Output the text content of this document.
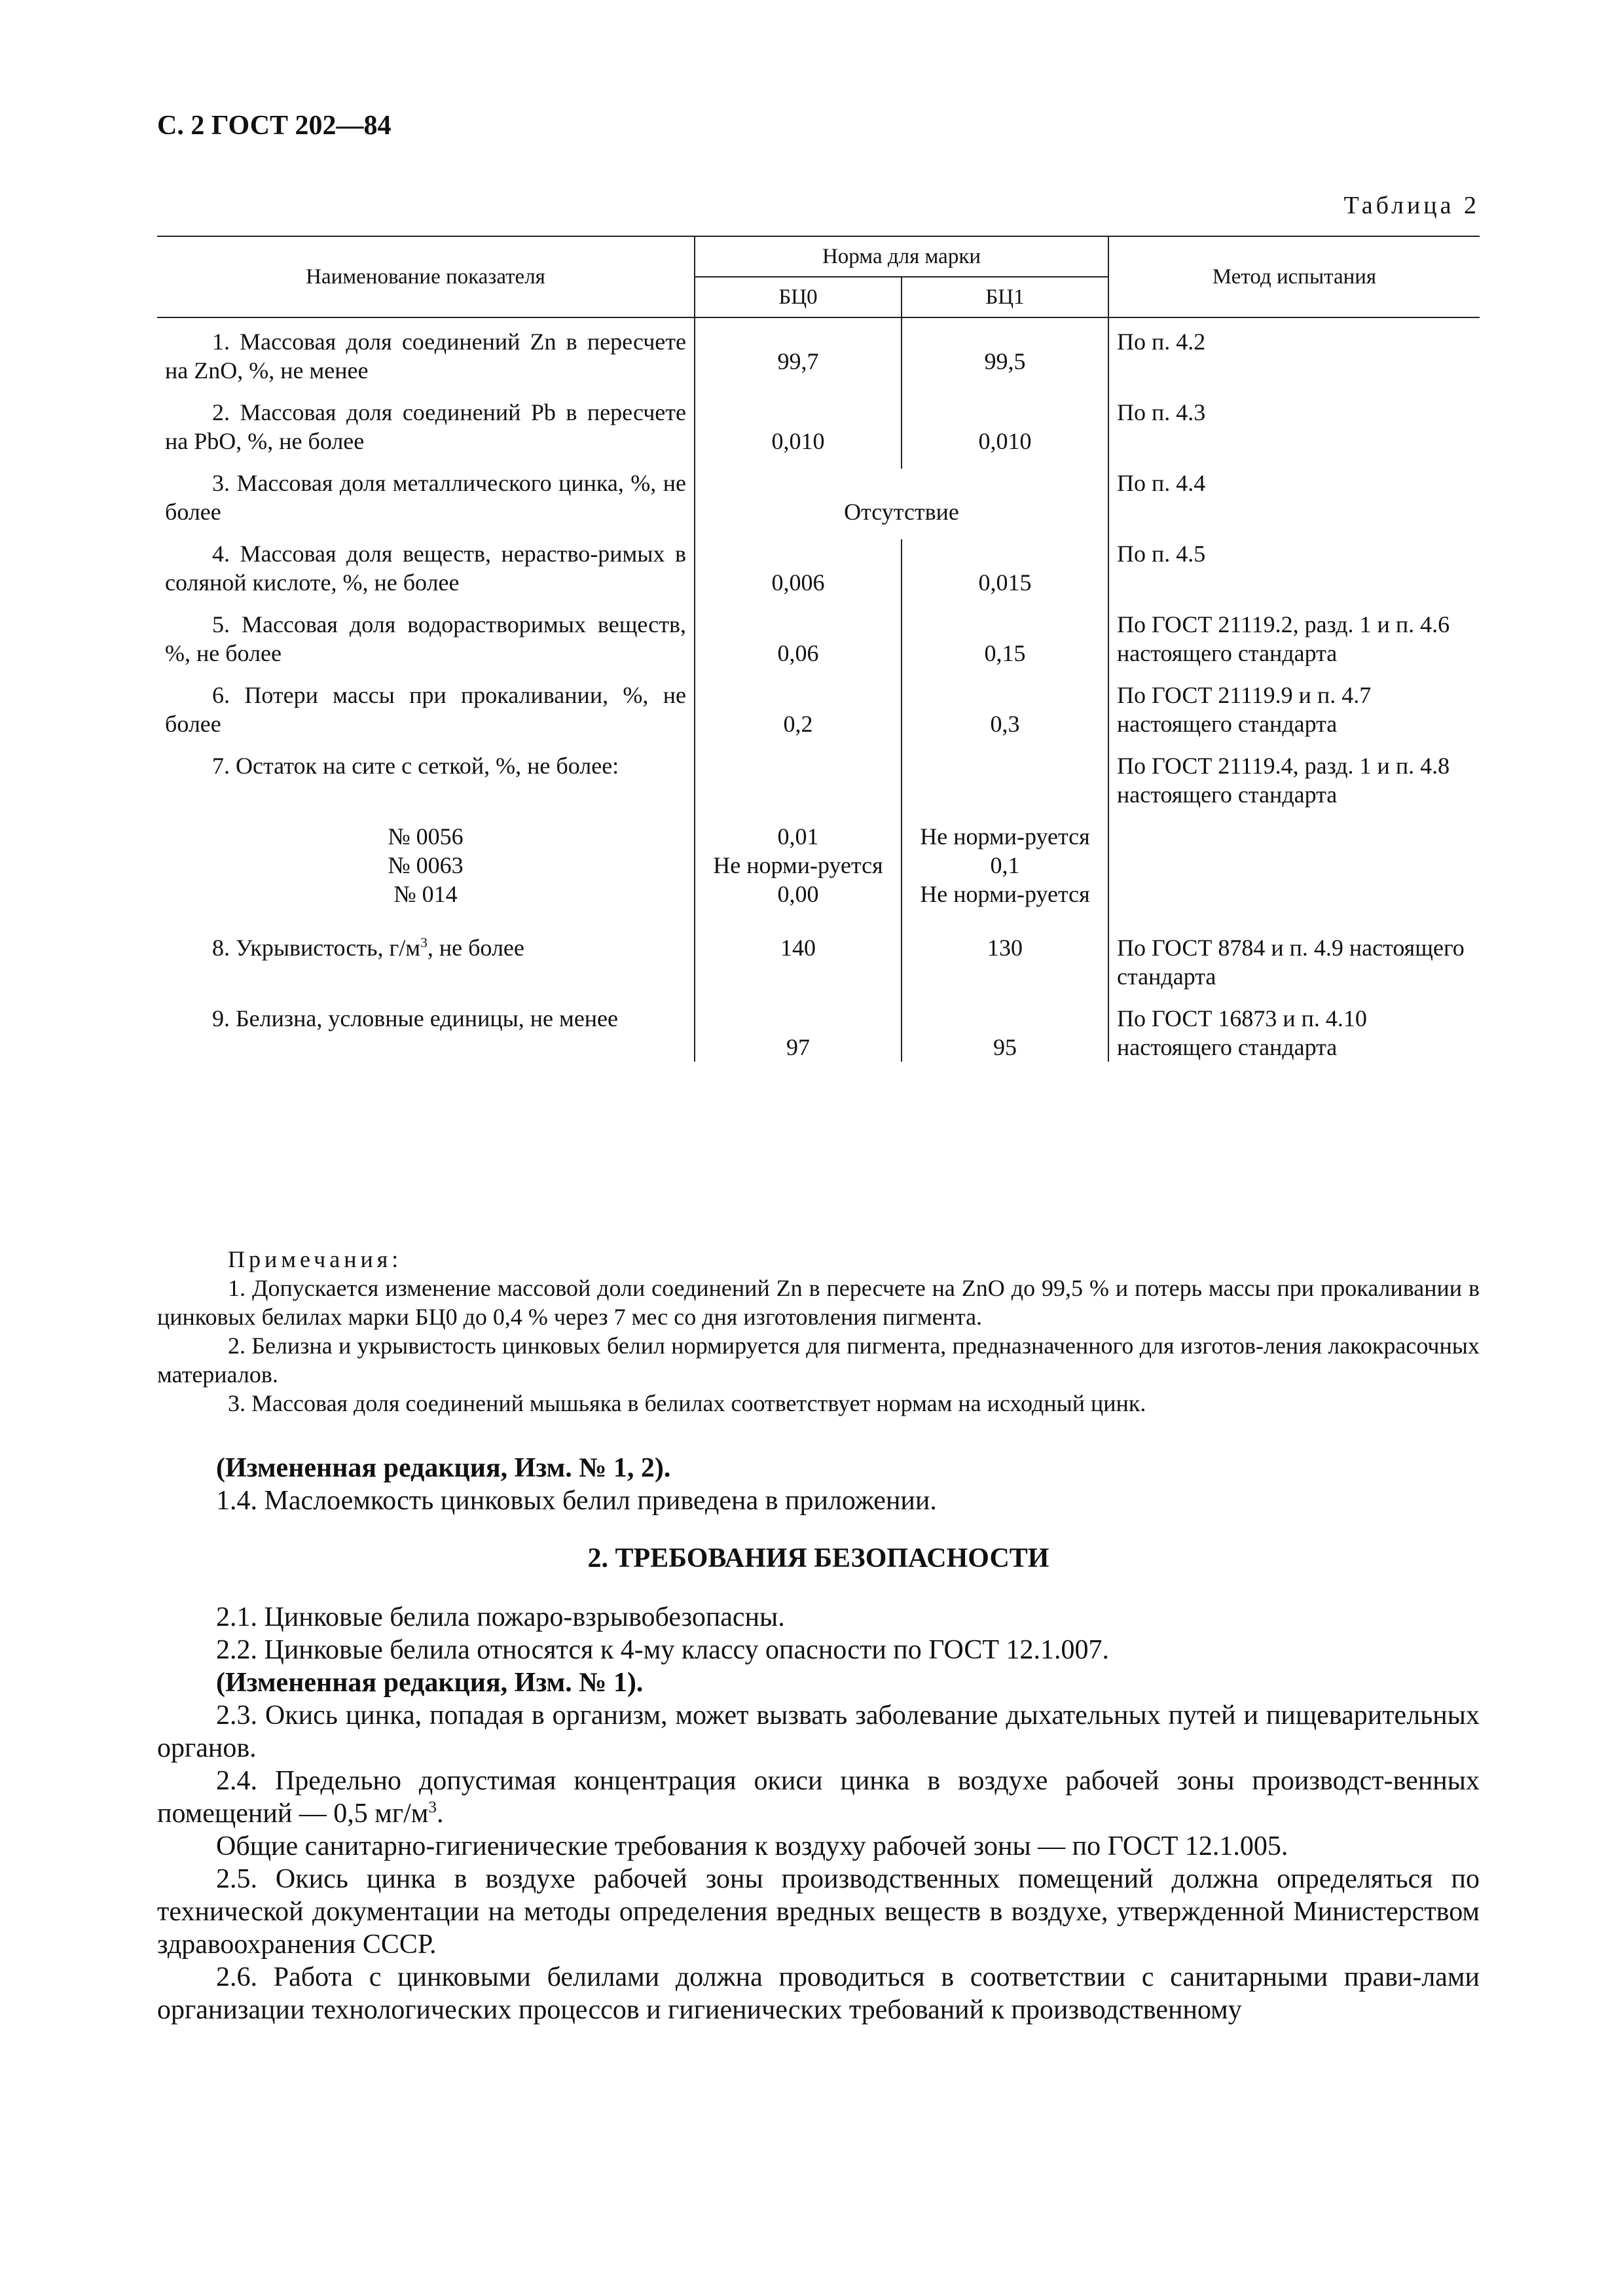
С. 2 ГОСТ 202—84
Таблица 2
Наименование показателя	Норма для марки		Метод испытания
	БЦ0	БЦ1	
1. Массовая доля соединений Zn в пересчете на ZnO, %, не менее	99,7	99,5	По п. 4.2
2. Массовая доля соединений Pb в пересчете на PbO, %, не более	0,010	0,010	По п. 4.3
3. Массовая доля металлического цинка, %, не более	Отсутствие		По п. 4.4
4. Массовая доля веществ, нераство-римых в соляной кислоте, %, не более	0,006	0,015	По п. 4.5
5. Массовая доля водорастворимых веществ, %, не более	0,06	0,15	По ГОСТ 21119.2, разд. 1 и п. 4.6 настоящего стандарта
6. Потери массы при прокаливании, %, не более	0,2	0,3	По ГОСТ 21119.9 и п. 4.7 настоящего стандарта
7. Остаток на сите с сеткой, %, не более:			По ГОСТ 21119.4, разд. 1 и п. 4.8 настоящего стандарта
№ 0056	0,01	Не норми-руется	
№ 0063	Не норми-руется	0,1	
№ 014	0,00	Не норми-руется	
8. Укрывистость, $г/м^3$, не более	140	130	По ГОСТ 8784 и п. 4.9 настоящего стандарта
9. Белизна, условные единицы, не менее	97	95	По ГОСТ 16873 и п. 4.10 настоящего стандарта

Примечания:

1. Допускается изменение массовой доли соединений Zn в пересчете на ZnO до 99,5 % и потерь массы при прокаливании в цинковых белилах марки БЦ0 до 0,4 % через 7 мес со дня изготовления пигмента.

2. Белизна и укрывистость цинковых белил нормируется для пигмента, предназначенного для изготов-ления лакокрасочных материалов.

3. Массовая доля соединений мышьяка в белилах соответствует нормам на исходный цинк.

(Измененная редакция, Изм. № 1, 2).

1.4. Маслоемкость цинковых белил приведена в приложении.

2. ТРЕБОВАНИЯ БЕЗОПАСНОСТИ

2.1. Цинковые белила пожаро-взрывобезопасны.

2.2. Цинковые белила относятся к 4-му классу опасности по ГОСТ 12.1.007.

(Измененная редакция, Изм. № 1).

2.3. Окись цинка, попадая в организм, может вызвать заболевание дыхательных путей и пищеварительных органов.

2.4. Предельно допустимая концентрация окиси цинка в воздухе рабочей зоны производст-венных помещений — 0,5 $мг/м^3$.

Общие санитарно-гигиенические требования к воздуху рабочей зоны — по ГОСТ 12.1.005.

2.5. Окись цинка в воздухе рабочей зоны производственных помещений должна определяться по технической документации на методы определения вредных веществ в воздухе, утвержденной Министерством здравоохранения СССР.

2.6. Работа с цинковыми белилами должна проводиться в соответствии с санитарными прави-лами организации технологических процессов и гигиенических требований к производственному
